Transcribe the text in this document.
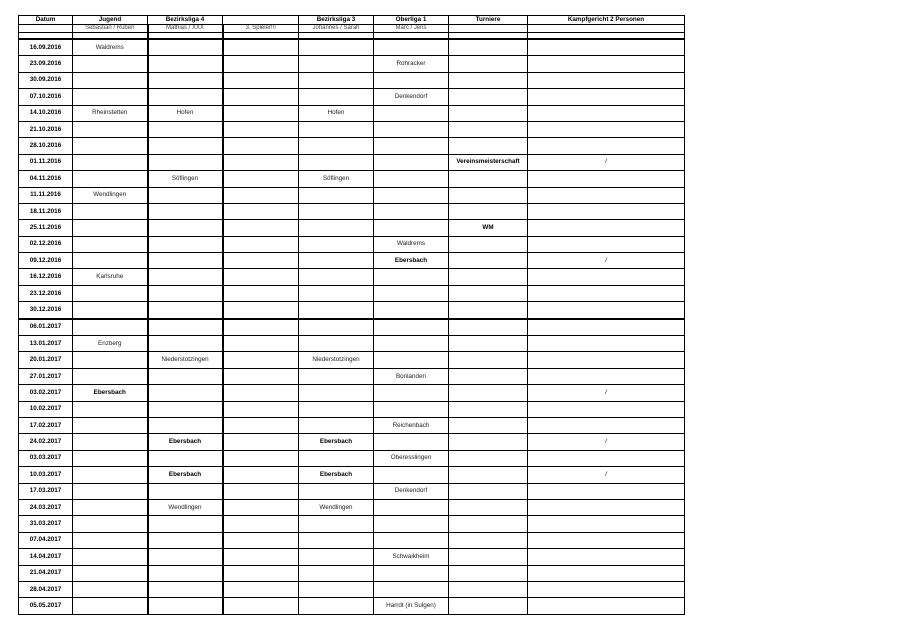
Datum	Jugend	Bezirksliga 4		Bezirksliga 3	Oberliga 1	Turniere	Kampfgericht 2 Personen
	Sebastian / Ruben	Mathias / XXX	3. Spieler!!!	Johannes / Sarah	Marc / Jens		

16.09.2016	Waldrems						
23.09.2016					Rohracker		
30.09.2016							
07.10.2016					Denkendorf		
14.10.2016	Rheinstetten	Hofen		Hofen			
21.10.2016							
28.10.2016							
01.11.2016						Vereinsmeisterschaft	/
04.11.2016		Söflingen		Söflingen			
11.11.2016	Wendlingen						
18.11.2016							
25.11.2016						WM	
02.12.2016					Waldrems		
09.12.2016					Ebersbach		/
16.12.2016	Karlsruhe						
23.12.2016							
30.12.2016							
06.01.2017							
13.01.2017	Enzberg						
20.01.2017		Niederstotzingen		Niederstotzingen			
27.01.2017					Bonlanden		
03.02.2017	Ebersbach						/
10.02.2017							
17.02.2017					Reichenbach		
24.02.2017		Ebersbach		Ebersbach			/
03.03.2017					Oberesslingen		
10.03.2017		Ebersbach		Ebersbach			/
17.03.2017					Denkendorf		
24.03.2017		Wendlingen		Wendlingen			
31.03.2017							
07.04.2017							
14.04.2017					Schwaikheim		
21.04.2017							
28.04.2017							
05.05.2017					Harrdt (in Sulgen)		
